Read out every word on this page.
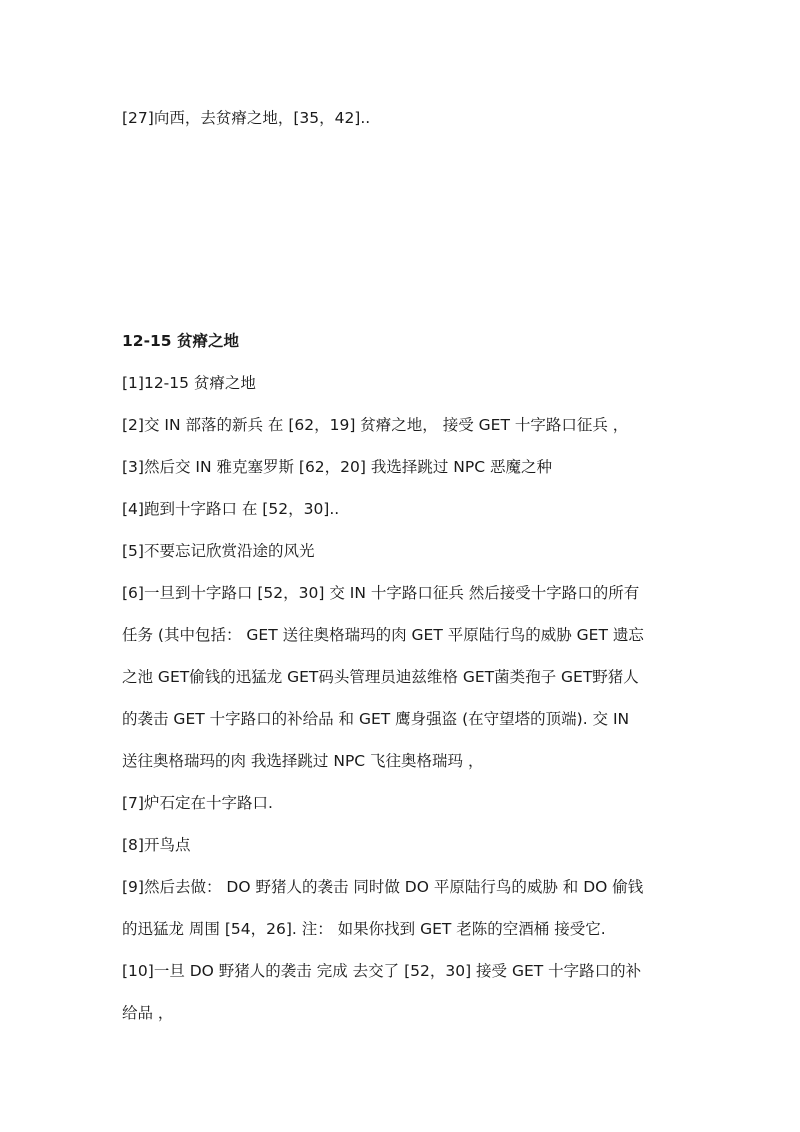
[27]向西，去贫瘠之地，[35，42]..
12-15 贫瘠之地
[1]12-15 贫瘠之地
[2]交 IN 部落的新兵 在 [62，19] 贫瘠之地， 接受 GET 十字路口征兵 ，
[3]然后交 IN 雅克塞罗斯 [62，20] 我选择跳过 NPC 恶魔之种
[4]跑到十字路口 在 [52，30]..
[5]不要忘记欣赏沿途的风光
[6]一旦到十字路口 [52，30] 交 IN 十字路口征兵 然后接受十字路口的所有
任务 (其中包括： GET 送往奥格瑞玛的肉 GET 平原陆行鸟的威胁 GET 遗忘
之池 GET偷钱的迅猛龙 GET码头管理员迪兹维格 GET菌类孢子 GET野猪人
的袭击 GET 十字路口的补给品 和 GET 鹰身强盗 (在守望塔的顶端). 交 IN
送往奥格瑞玛的肉 我选择跳过 NPC 飞往奥格瑞玛 ，
[7]炉石定在十字路口.
[8]开鸟点
[9]然后去做： DO 野猪人的袭击 同时做 DO 平原陆行鸟的威胁 和 DO 偷钱
的迅猛龙 周围 [54，26]. 注： 如果你找到 GET 老陈的空酒桶 接受它.
[10]一旦 DO 野猪人的袭击 完成 去交了 [52，30] 接受 GET 十字路口的补
给品 ，
